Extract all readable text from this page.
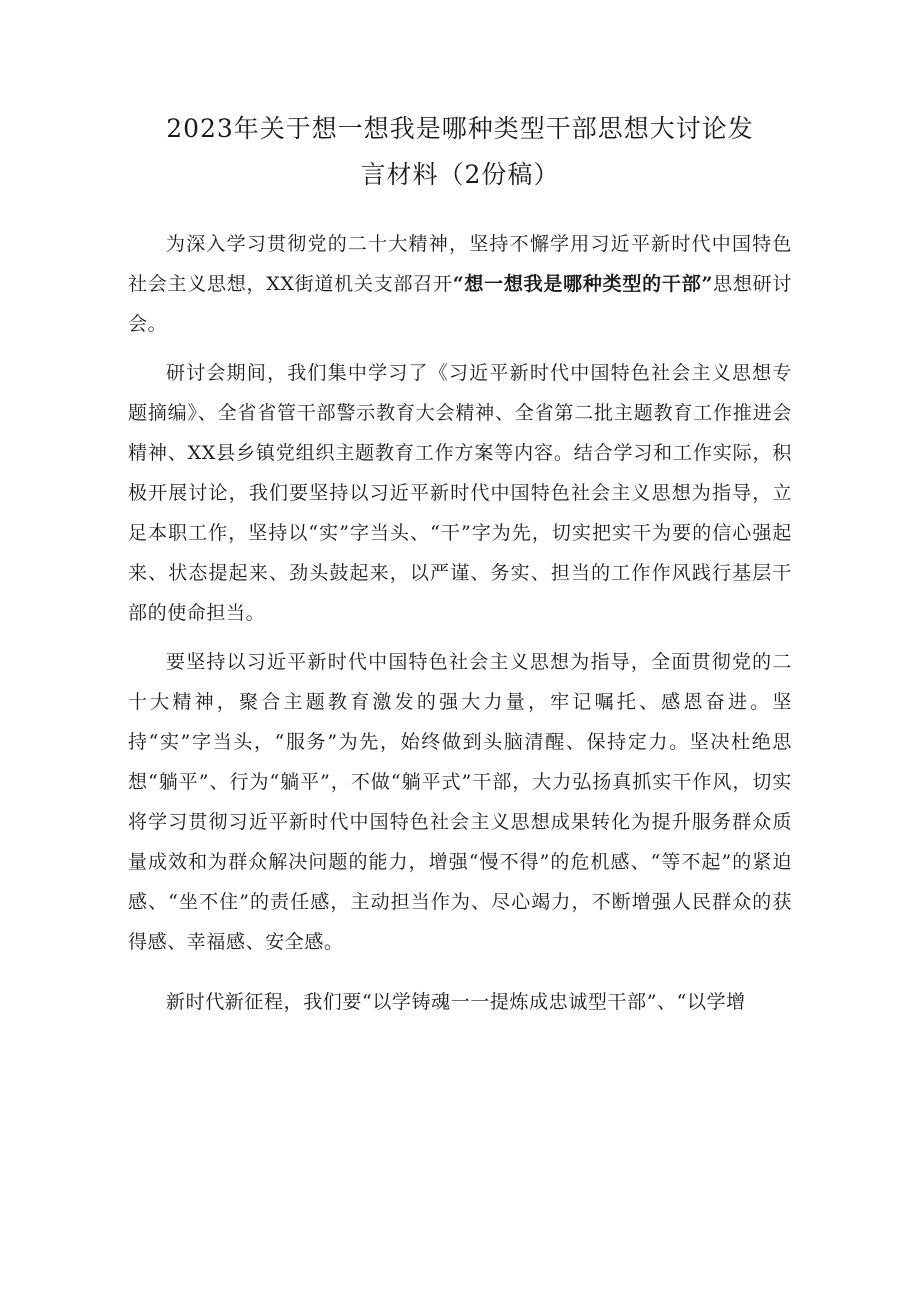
2023年关于想一想我是哪种类型干部思想大讨论发
言材料（2份稿）

为深入学习贯彻党的二十大精神，坚持不懈学用习近平新时代中国特色社会主义思想，XX街道机关支部召开“想一想我是哪种类型的干部”思想研讨会。

研讨会期间，我们集中学习了《习近平新时代中国特色社会主义思想专题摘编》、全省省管干部警示教育大会精神、全省第二批主题教育工作推进会精神、XX县乡镇党组织主题教育工作方案等内容。结合学习和工作实际，积极开展讨论，我们要坚持以习近平新时代中国特色社会主义思想为指导，立足本职工作，坚持以“实”字当头、“干”字为先，切实把实干为要的信心强起来、状态提起来、劲头鼓起来，以严谨、务实、担当的工作作风践行基层干部的使命担当。

要坚持以习近平新时代中国特色社会主义思想为指导，全面贯彻党的二十大精神，聚合主题教育激发的强大力量，牢记嘱托、感恩奋进。坚持“实”字当头，“服务”为先，始终做到头脑清醒、保持定力。坚决杜绝思想“躺平”、行为“躺平”，不做“躺平式”干部，大力弘扬真抓实干作风，切实将学习贯彻习近平新时代中国特色社会主义思想成果转化为提升服务群众质量成效和为群众解决问题的能力，增强“慢不得”的危机感、“等不起”的紧迫感、“坐不住”的责任感，主动担当作为、尽心竭力，不断增强人民群众的获得感、幸福感、安全感。

新时代新征程，我们要“以学铸魂一一提炼成忠诚型干部”、“以学增
